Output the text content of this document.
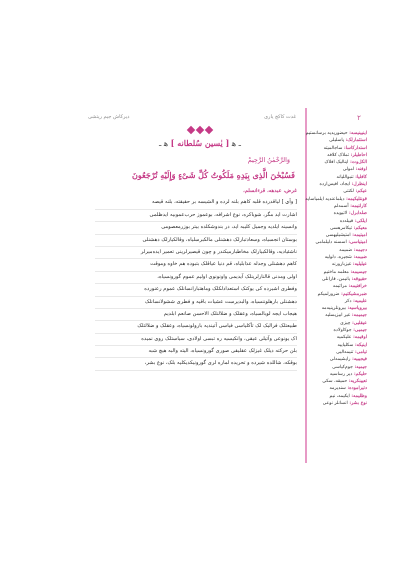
غدت کاکج یاری
دیرکاش جیم ریتشی
ـ ﻫ [ یٰسین سُلطانه ] ﻫ ـ
وَالرَّحْمٰنُ الرَّحِيمْ
فَسُبْحٰنَ الَّذِى بِيَدِهِ مَلَكُوتُ كُلِّ شَىْءٍ وَإِلَيْهِ تُرْجَعُونَ
غرض، عبدهه، قرءانسلم،
[ وآي ] لیاقدرده قلبه کاهم بلنه لرده و الشیسه بر حقیقته، بلنه قیصه
اشارت اید مگر، شوباکره، نوع اشرافه، بوعموز حرب‌عموبیه ایدظلمی
وانسینه ایلدیه وجمیل کلیبه اید، در بندوشکلده بیتر بوزرمعصومی
بوستان انجسیاه، وسعادتبارلک دهشنلی مالکبرسلیاه، وقالکیارلک دهشنلی
ناشئیادیه، وقالکبیارلک مخاطبارمیکندر و چون قیصیرلرینی تعمیر ایده‌میرلر
کاهم دهشنلی وجدله عذابلیاه، قم دنیا عیاقلک بتبوده هم خاوه وموقت
اولی ومدنی قالنارلرینلک آیدیمی واونونوی اولیم عموم گورونسیاه،
وفطری اشیرده کی یوکنک استعداد‌لکلک وماهتبارانسانلک عموم رعنورده
دهشنلی بارهلوننسیاه، والبدیرست عشیات باقیه و فطری ششولانسانلک
هیجاب ایجه لوبالسیاه، وعقلک و ضلالنلک الاحسن صانعم ابلدیم
طبیعتلک فرالیک لک تأکلیاسی فیاسی آتیندیه بارولونسیاه، وعقلک و ضلالتلک
اک یونوعی وآتیلی عیقی، وانکیسیه ره تبسی اولادی، سیاستلک روی نمیده
بلن حرکته دیلک غیزلک عقلیقی صوری گورونسیاه، الیته والبه هیچ شبه
بوقکه، شاللده شیرده و تحریده لماره لری گورونیکدیکلیه بلک، نوع بشر،
٢
اینیینیسه: حیضوریدیه برسانستیم
استثمارلک: پاسلیلی
استدارکاسا: ساجالمیته
احاطیلر: تملاک کلافه
الکل‌وت: اینالیک افلاک
اوفنه: امولی
کافلیا: تنبو‌اللیانه
اینظرل: ایجاد، افیس‌ارده
عیکم: لکنتی
قونتلیکیمه: دیلماعندیه ایلمیاسایه
کارلتیمه: آسمه‌لم
صلدابرل: لاتیویده
ایلکی: قبیله‌ده
معیکم: تیکامرهسی
امیتیمه: امتیشیلیهسی
امیتیاسی: اسسنه دلیلمامی
دجیمه: ضمیمه
ضبیمه: شجیره، دلولیه
عیلیلیه: غیزبار‌ورنه
جیسیمه: معلمه ماختیم
حقیوقه: یانیمن، قارانلی
خرافتیمه: مراثیمه
ضبرمشیکتیم: ضرورلمیکم
علیمیه: دکر
بیرویاسیه: بیرونلرینیه‌مه
جیمیمه: غیر ابیزیسلیه
عیقلیی: چیزی
جیمیی: جوکاولاده
اوقیمه: علیکمیه
اینیکه: سکلیاییه
تیامی: تنیمه‌الیی
فیجیبیه: رایشیمه‌لی
جیمیه: جوم‌کیاسی
حلیکم: دیر رساسیه
تعیینکریه: حمیقه، سکی
دتیراموده: سندیرمه
وظلیمه: ایکیمه، نیم
نوع بشر: انسانلر نوعی
